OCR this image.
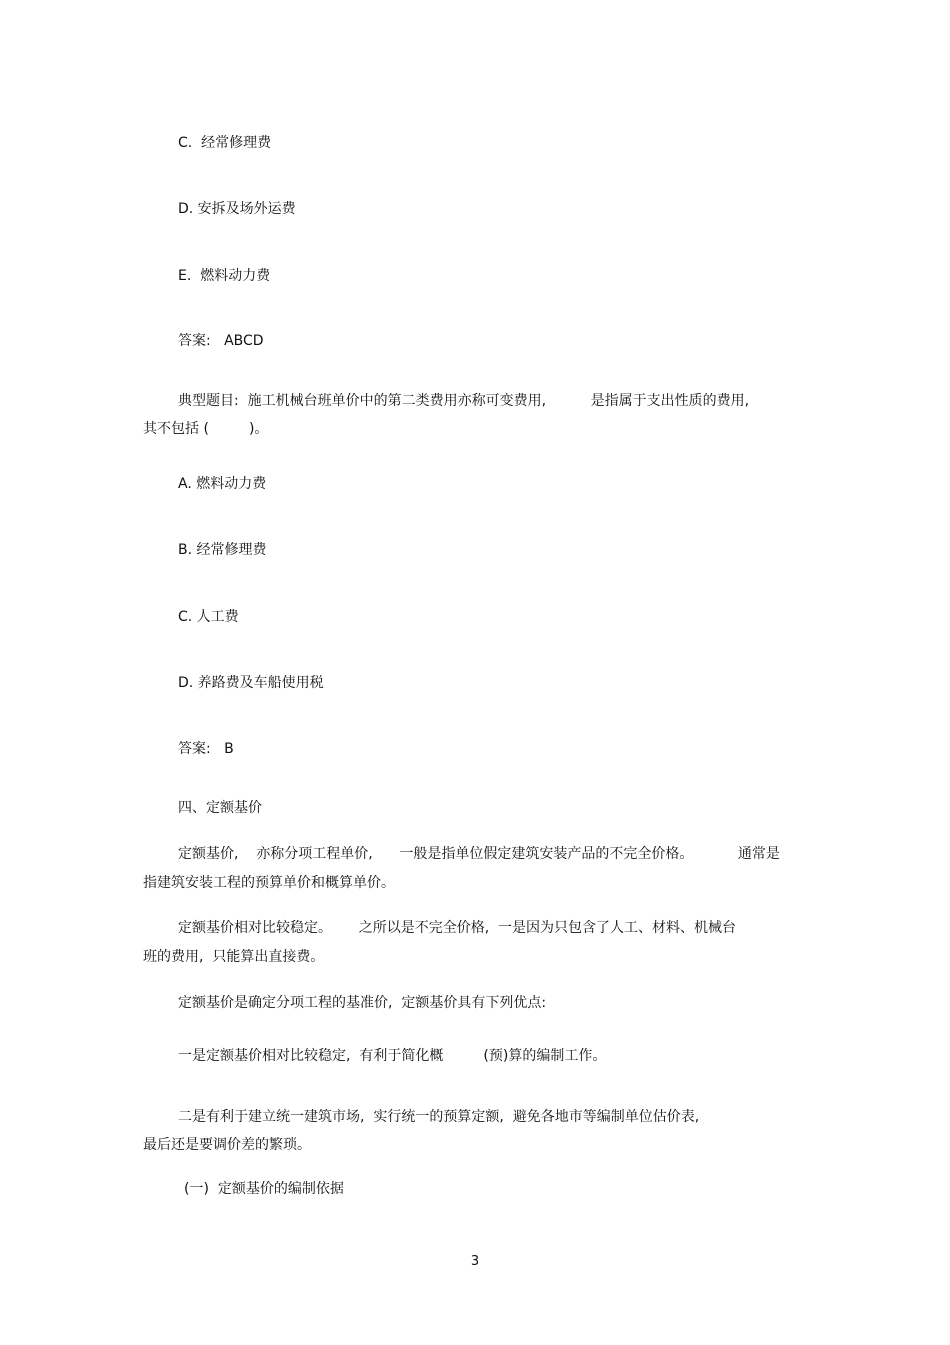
C.  经常修理费
D. 安拆及场外运费
E.  燃料动力费
答案:   ABCD
典型题目:  施工机械台班单价中的第二类费用亦称可变费用,          是指属于支出性质的费用,
其不包括 (         )。
A. 燃料动力费
B. 经常修理费
C. 人工费
D. 养路费及车船使用税
答案:   B
四、定额基价
定额基价,    亦称分项工程单价,      一般是指单位假定建筑安装产品的不完全价格。          通常是
指建筑安装工程的预算单价和概算单价。
定额基价相对比较稳定。      之所以是不完全价格,  一是因为只包含了人工、材料、机械台
班的费用,  只能算出直接费。
定额基价是确定分项工程的基准价,  定额基价具有下列优点:
一是定额基价相对比较稳定,  有利于简化概         (预)算的编制工作。
二是有利于建立统一建筑市场,  实行统一的预算定额,  避免各地市等编制单位估价表,
最后还是要调价差的繁琐。
(一)  定额基价的编制依据
3
